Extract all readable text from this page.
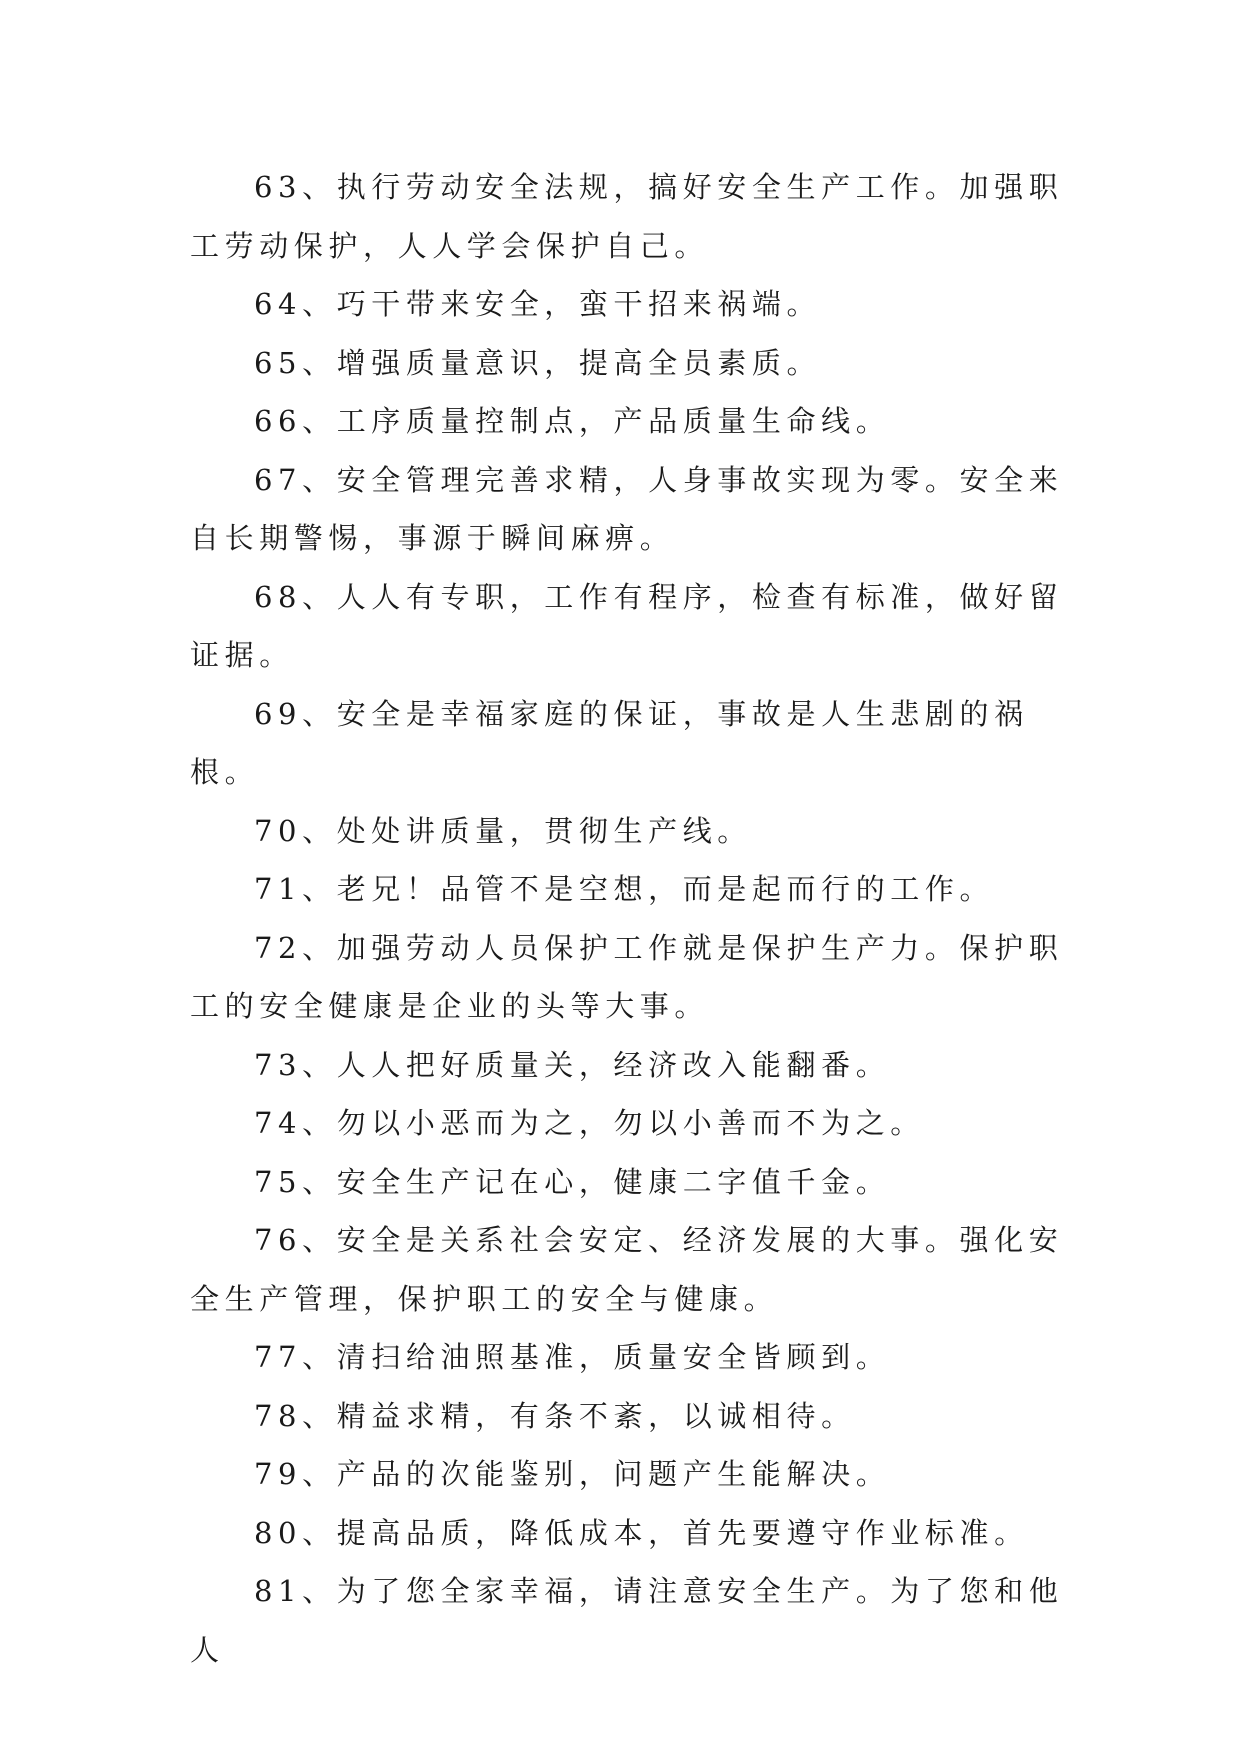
63、执行劳动安全法规，搞好安全生产工作。加强职工劳动保护，人人学会保护自己。

64、巧干带来安全，蛮干招来祸端。

65、增强质量意识，提高全员素质。

66、工序质量控制点，产品质量生命线。

67、安全管理完善求精，人身事故实现为零。安全来自长期警惕，事源于瞬间麻痹。

68、人人有专职，工作有程序，检查有标准，做好留证据。

69、安全是幸福家庭的保证，事故是人生悲剧的祸根。

70、处处讲质量，贯彻生产线。

71、老兄！品管不是空想，而是起而行的工作。

72、加强劳动人员保护工作就是保护生产力。保护职工的安全健康是企业的头等大事。

73、人人把好质量关，经济改入能翻番。

74、勿以小恶而为之，勿以小善而不为之。

75、安全生产记在心，健康二字值千金。

76、安全是关系社会安定、经济发展的大事。强化安全生产管理，保护职工的安全与健康。

77、清扫给油照基准，质量安全皆顾到。

78、精益求精，有条不紊，以诚相待。

79、产品的次能鉴别，问题产生能解决。

80、提高品质，降低成本，首先要遵守作业标准。

81、为了您全家幸福，请注意安全生产。为了您和他人
